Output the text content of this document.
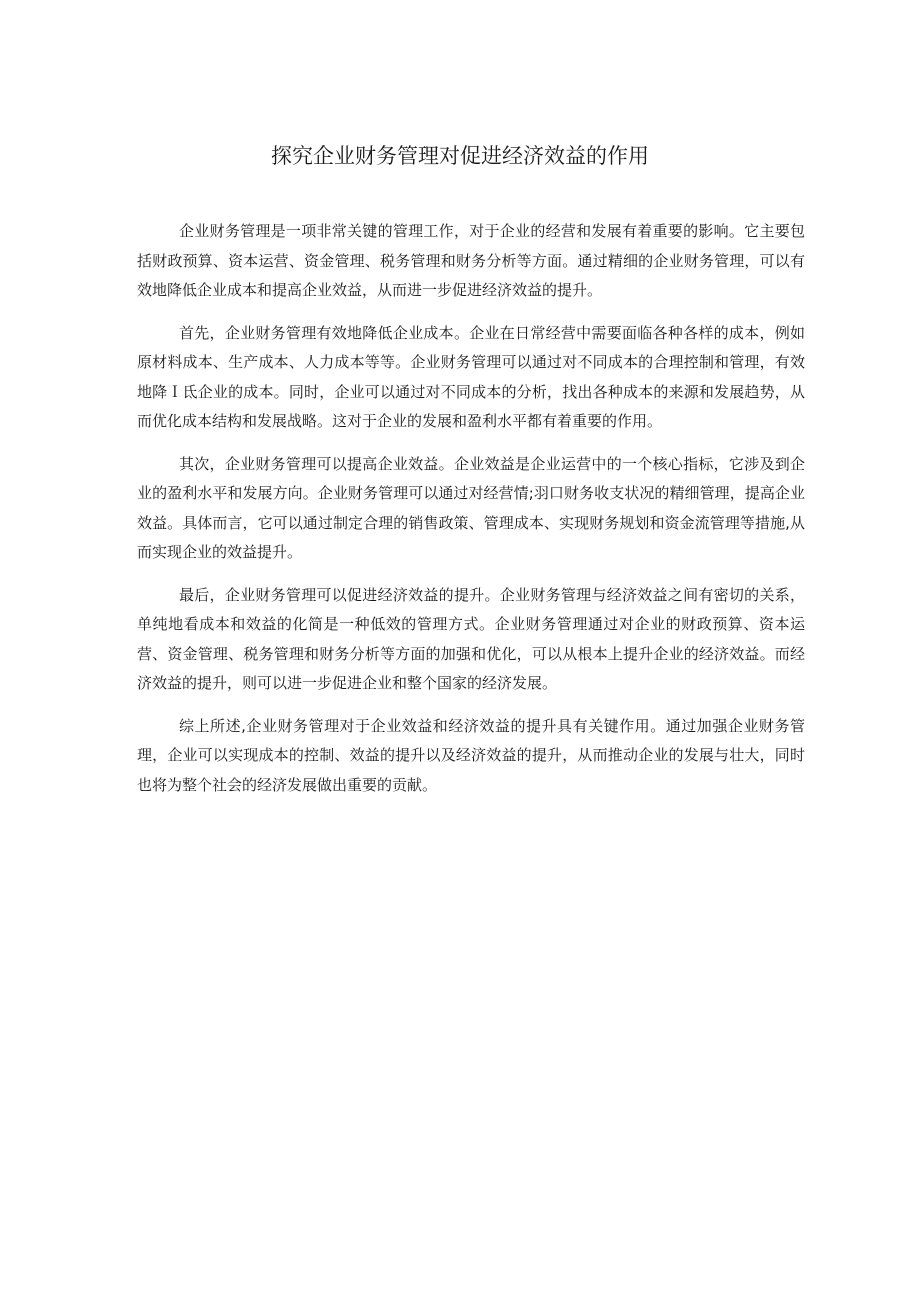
探究企业财务管理对促进经济效益的作用

企业财务管理是一项非常关键的管理工作，对于企业的经营和发展有着重要的影响。它主要包括财政预算、资本运营、资金管理、税务管理和财务分析等方面。通过精细的企业财务管理，可以有效地降低企业成本和提高企业效益，从而进一步促进经济效益的提升。

首先，企业财务管理有效地降低企业成本。企业在日常经营中需要面临各种各样的成本，例如原材料成本、生产成本、人力成本等等。企业财务管理可以通过对不同成本的合理控制和管理，有效地降Ｉ氐企业的成本。同时，企业可以通过对不同成本的分析，找出各种成本的来源和发展趋势，从而优化成本结构和发展战略。这对于企业的发展和盈利水平都有着重要的作用。

其次，企业财务管理可以提高企业效益。企业效益是企业运营中的一个核心指标，它涉及到企业的盈利水平和发展方向。企业财务管理可以通过对经营情;羽口财务收支状况的精细管理，提高企业效益。具体而言，它可以通过制定合理的销售政策、管理成本、实现财务规划和资金流管理等措施,从而实现企业的效益提升。

最后，企业财务管理可以促进经济效益的提升。企业财务管理与经济效益之间有密切的关系，单纯地看成本和效益的化简是一种低效的管理方式。企业财务管理通过对企业的财政预算、资本运营、资金管理、税务管理和财务分析等方面的加强和优化，可以从根本上提升企业的经济效益。而经济效益的提升，则可以进一步促进企业和整个国家的经济发展。

综上所述,企业财务管理对于企业效益和经济效益的提升具有关键作用。通过加强企业财务管理，企业可以实现成本的控制、效益的提升以及经济效益的提升，从而推动企业的发展与壮大，同时也将为整个社会的经济发展做出重要的贡献。
